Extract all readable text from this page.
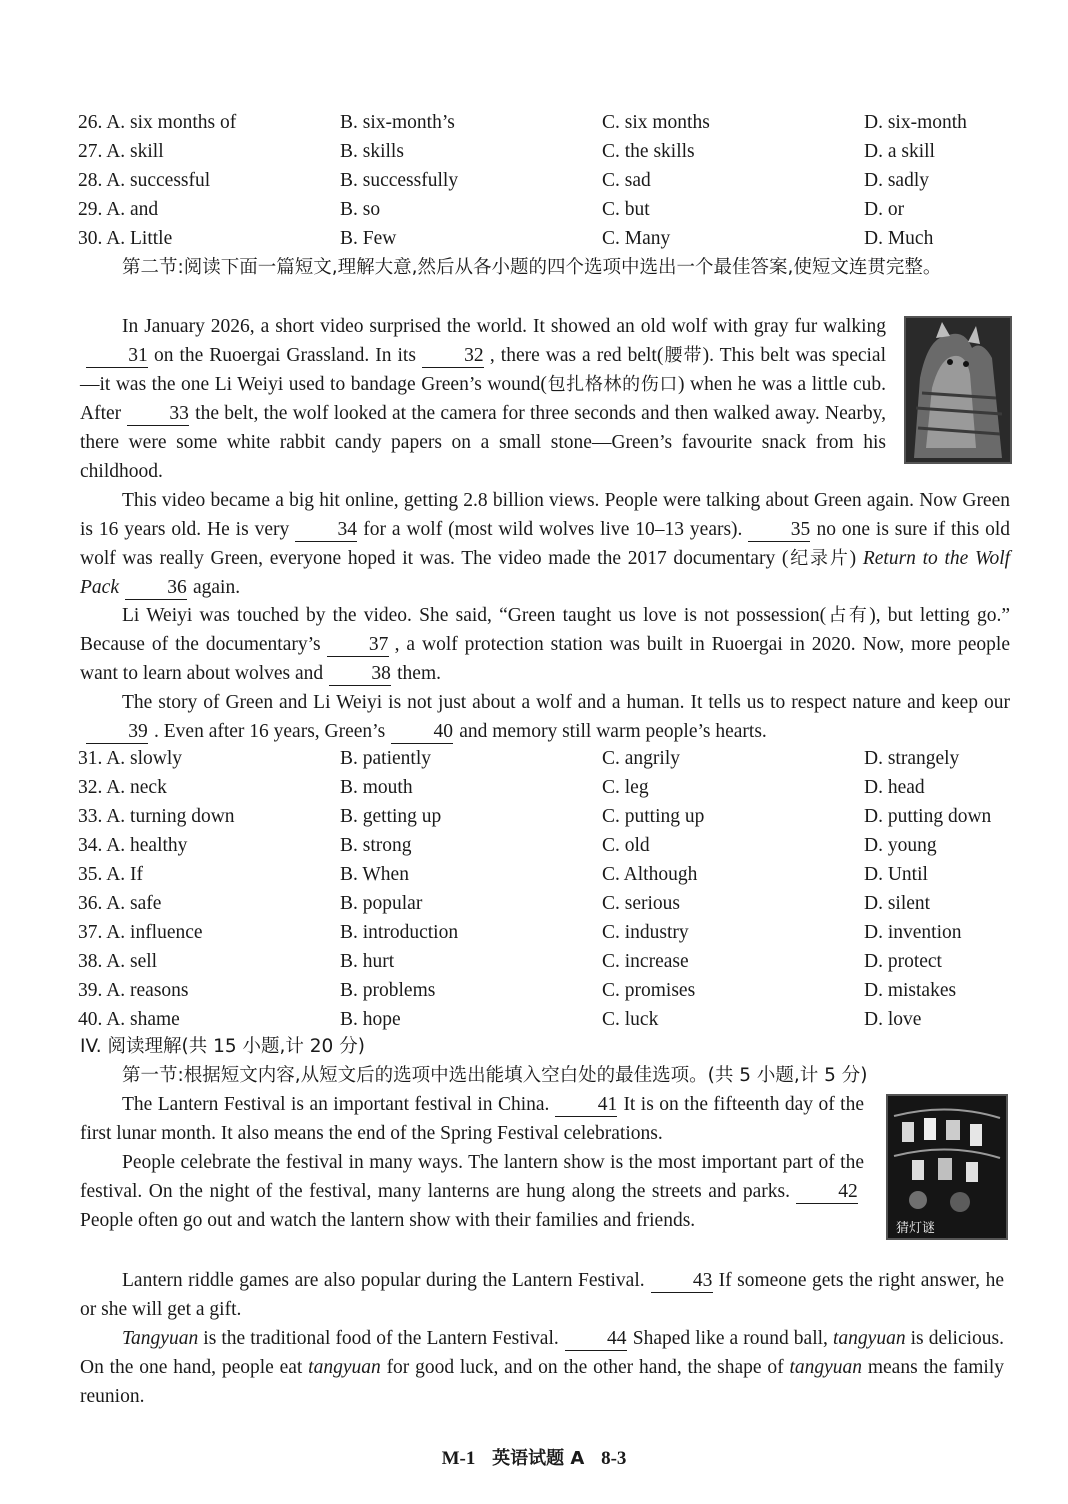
26. A. six months of	B. six-month’s	C. six months	D. six-month
27. A. skill	B. skills	C. the skills	D. a skill
28. A. successful	B. successfully	C. sad	D. sadly
29. A. and	B. so	C. but	D. or
30. A. Little	B. Few	C. Many	D. Much
第二节:阅读下面一篇短文,理解大意,然后从各小题的四个选项中选出一个最佳答案,使短文连贯完整。

In January 2026, a short video surprised the world. It showed an old wolf with gray fur walking31 on the Ruoergai Grassland. In its 32 , there was a red belt(腰带). This belt was special—it was the one Li Weiyi used to bandage Green’s wound(包扎格林的伤口) when he was a little cub. After 33 the belt, the wolf looked at the camera for three seconds and then walked away. Nearby, there were some white rabbit candy papers on a small stone—Green’s favourite snack from his childhood.

This video became a big hit online, getting 2.8 billion views. People were talking about Green again. Now Green is 16 years old. He is very 34 for a wolf (most wild wolves live 10–13 years). 35 no one is sure if this old wolf was really Green, everyone hoped it was. The video made the 2017 documentary (纪录片) Return to the Wolf Pack 36 again.

Li Weiyi was touched by the video. She said, “Green taught us love is not possession(占有), but letting go.” Because of the documentary’s 37 , a wolf protection station was built in Ruoergai in 2020. Now, more people want to learn about wolves and 38 them.

The story of Green and Li Weiyi is not just about a wolf and a human. It tells us to respect nature and keep our39 . Even after 16 years, Green’s 40 and memory still warm people’s hearts.

31. A. slowly	B. patiently	C. angrily	D. strangely
32. A. neck	B. mouth	C. leg	D. head
33. A. turning down	B. getting up	C. putting up	D. putting down
34. A. healthy	B. strong	C. old	D. young
35. A. If	B. When	C. Although	D. Until
36. A. safe	B. popular	C. serious	D. silent
37. A. influence	B. introduction	C. industry	D. invention
38. A. sell	B. hurt	C. increase	D. protect
39. A. reasons	B. problems	C. promises	D. mistakes
40. A. shame	B. hope	C. luck	D. love
IV. 阅读理解(共 15 小题,计 20 分)
第一节:根据短文内容,从短文后的选项中选出能填入空白处的最佳选项。(共 5 小题,计 5 分)
猜灯谜

The Lantern Festival is an important festival in China. 41 It is on the fifteenth day of the first lunar month. It also means the end of the Spring Festival celebrations.

People celebrate the festival in many ways. The lantern show is the most important part of the festival. On the night of the festival, many lanterns are hung along the streets and parks. 42People often go out and watch the lantern show with their families and friends.

Lantern riddle games are also popular during the Lantern Festival. 43 If someone gets the right answer, he or she will get a gift.

Tangyuan is the traditional food of the Lantern Festival. 44 Shaped like a round ball, tangyuan is delicious. On the one hand, people eat tangyuan for good luck, and on the other hand, the shape of tangyuan means the family reunion.

M-1 英语试题 A 8-3
